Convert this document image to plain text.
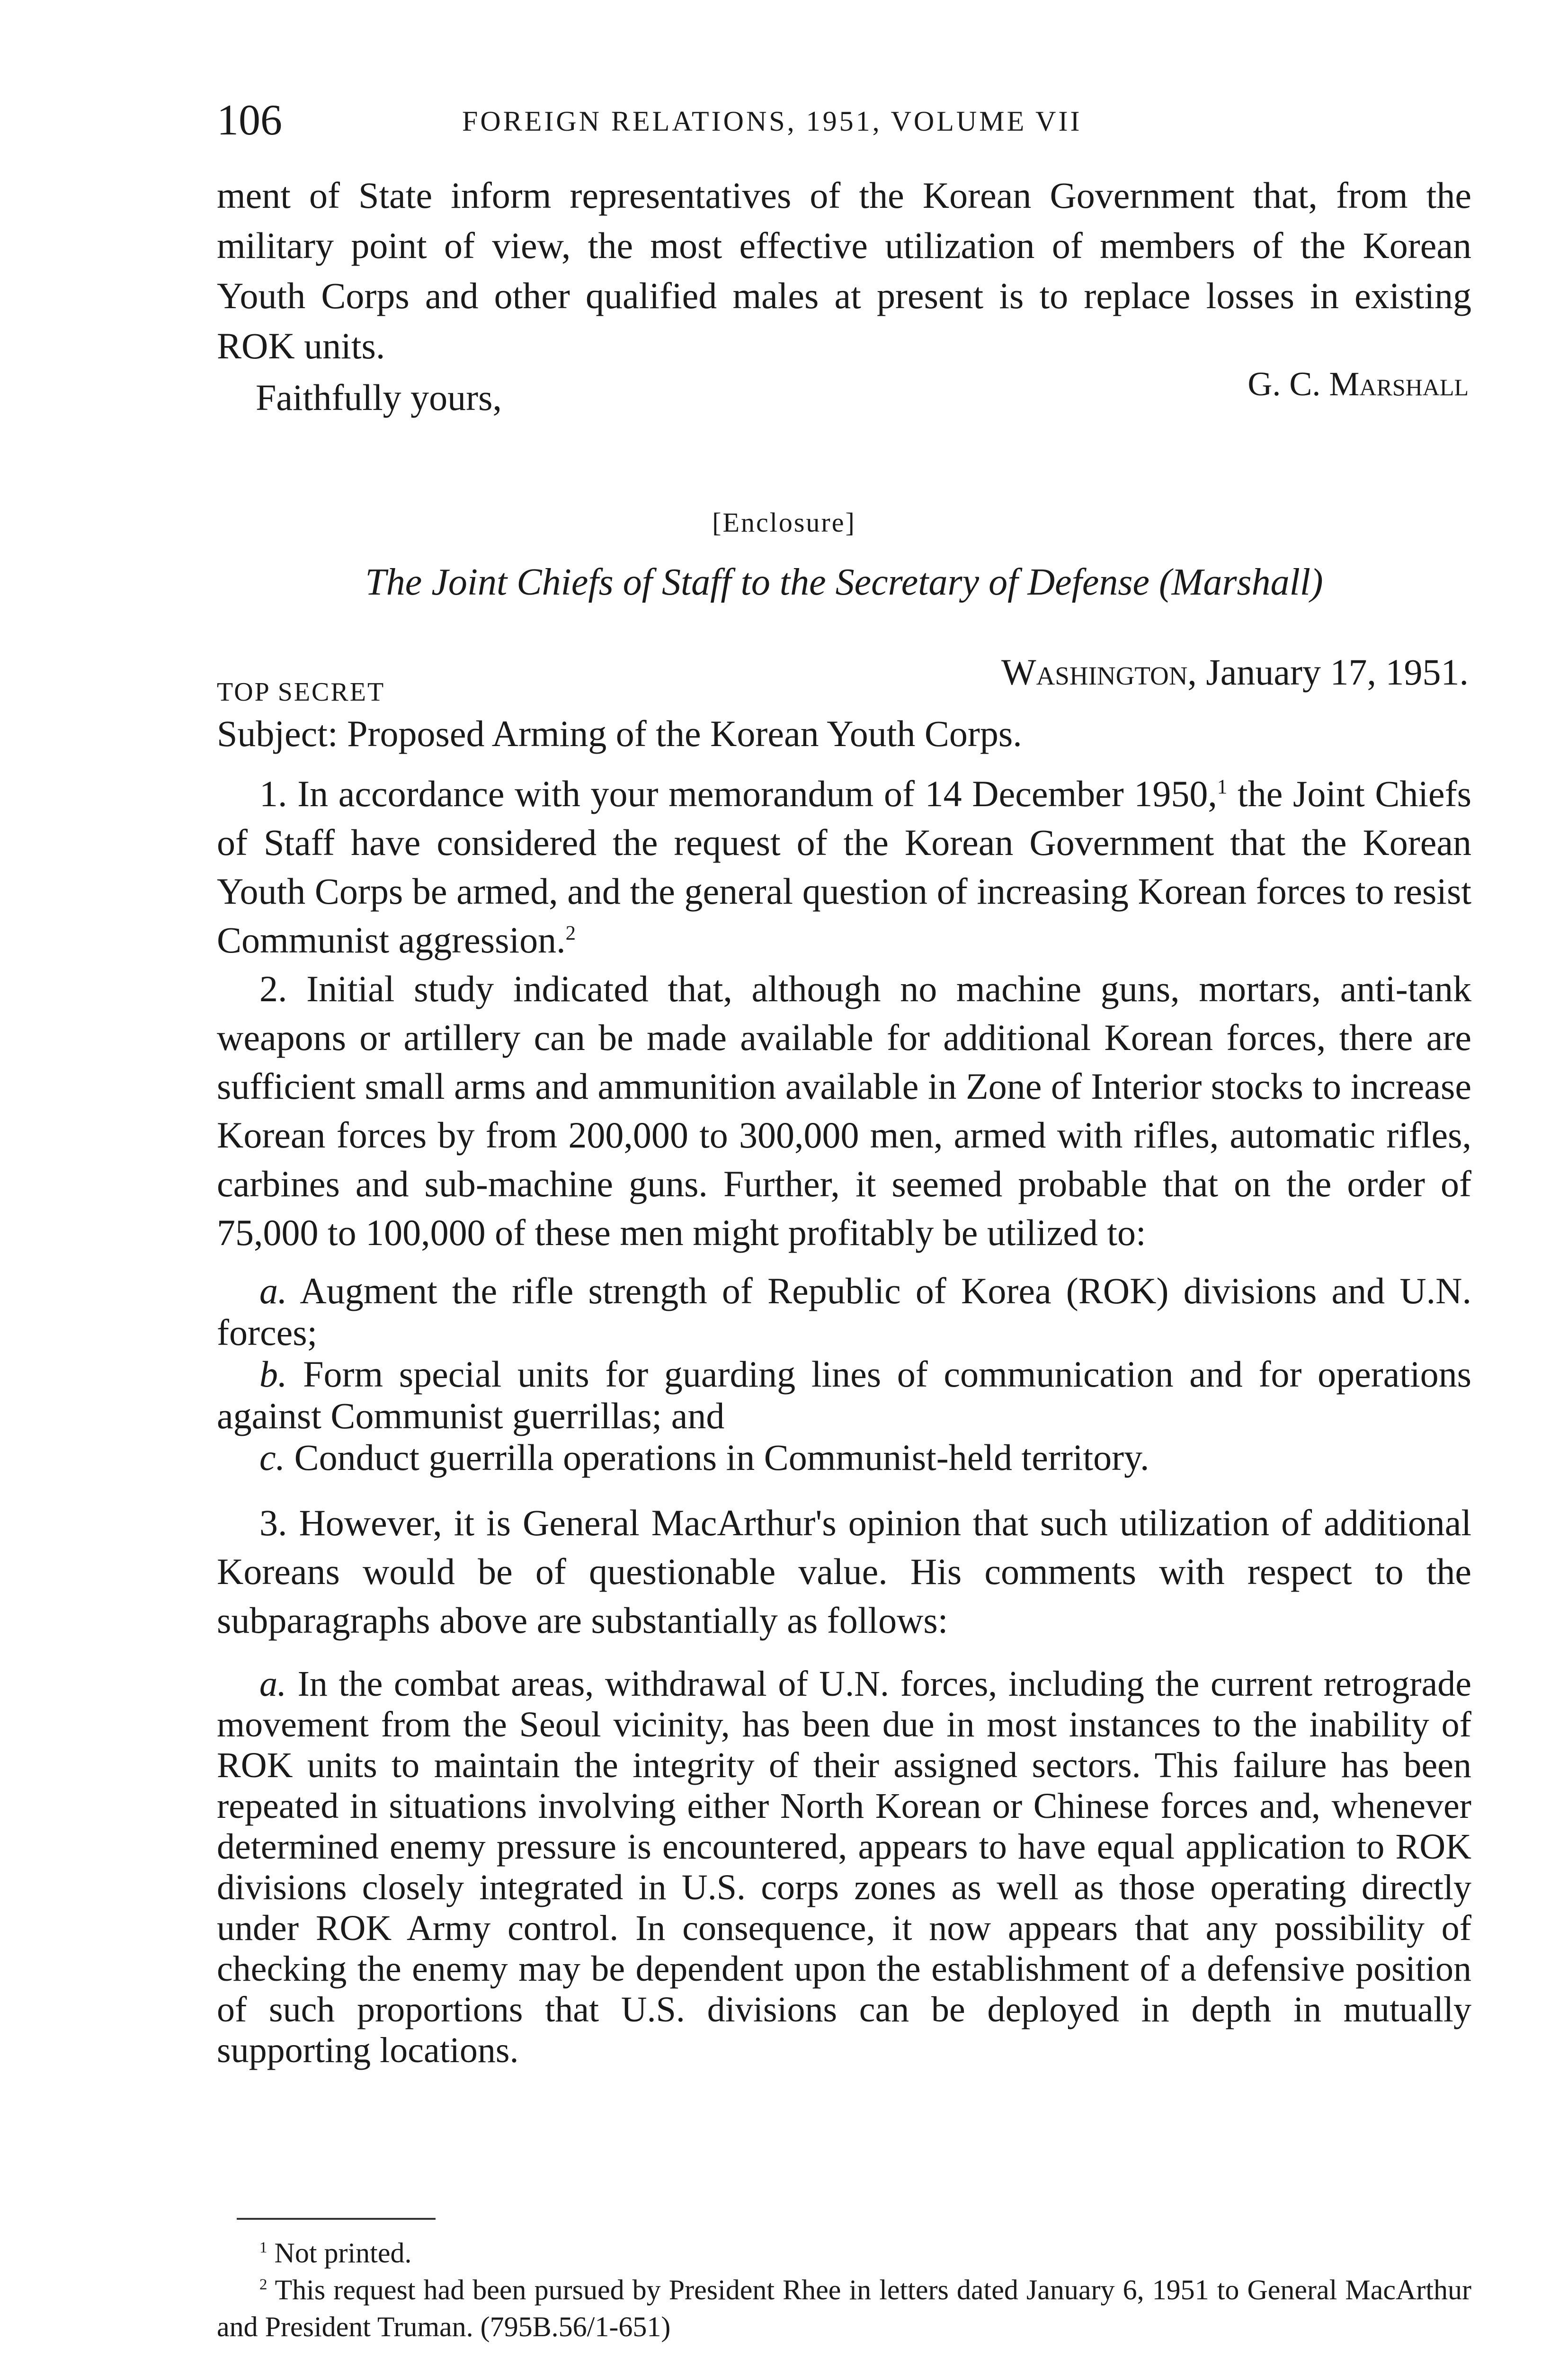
106	FOREIGN RELATIONS, 1951, VOLUME VII
ment of State inform representatives of the Korean Government that, from the military point of view, the most effective utilization of members of the Korean Youth Corps and other qualified males at present is to replace losses in existing ROK units.
Faithfully yours,	G. C. Marshall
[Enclosure]
The Joint Chiefs of Staff to the Secretary of Defense (Marshall)
TOP SECRET	Washington, January 17, 1951.
Subject: Proposed Arming of the Korean Youth Corps.

1. In accordance with your memorandum of 14 December 1950,$^1$ the Joint Chiefs of Staff have considered the request of the Korean Government that the Korean Youth Corps be armed, and the general question of increasing Korean forces to resist Communist aggression.$^2$

2. Initial study indicated that, although no machine guns, mortars, anti-tank weapons or artillery can be made available for additional Korean forces, there are sufficient small arms and ammunition available in Zone of Interior stocks to increase Korean forces by from 200,000 to 300,000 men, armed with rifles, automatic rifles, carbines and sub-machine guns. Further, it seemed probable that on the order of 75,000 to 100,000 of these men might profitably be utilized to:

a. Augment the rifle strength of Republic of Korea (ROK) divisions and U.N. forces;
b. Form special units for guarding lines of communication and for operations against Communist guerrillas; and
c. Conduct guerrilla operations in Communist-held territory.

3. However, it is General MacArthur's opinion that such utilization of additional Koreans would be of questionable value. His comments with respect to the subparagraphs above are substantially as follows:

a. In the combat areas, withdrawal of U.N. forces, including the current retrograde movement from the Seoul vicinity, has been due in most instances to the inability of ROK units to maintain the integrity of their assigned sectors. This failure has been repeated in situations involving either North Korean or Chinese forces and, whenever determined enemy pressure is encountered, appears to have equal application to ROK divisions closely integrated in U.S. corps zones as well as those operating directly under ROK Army control. In consequence, it now appears that any possibility of checking the enemy may be dependent upon the establishment of a defensive position of such proportions that U.S. divisions can be deployed in depth in mutually supporting locations.
$^1$ Not printed.
$^2$ This request had been pursued by President Rhee in letters dated January 6, 1951 to General MacArthur and President Truman. (795B.56/1-651)
